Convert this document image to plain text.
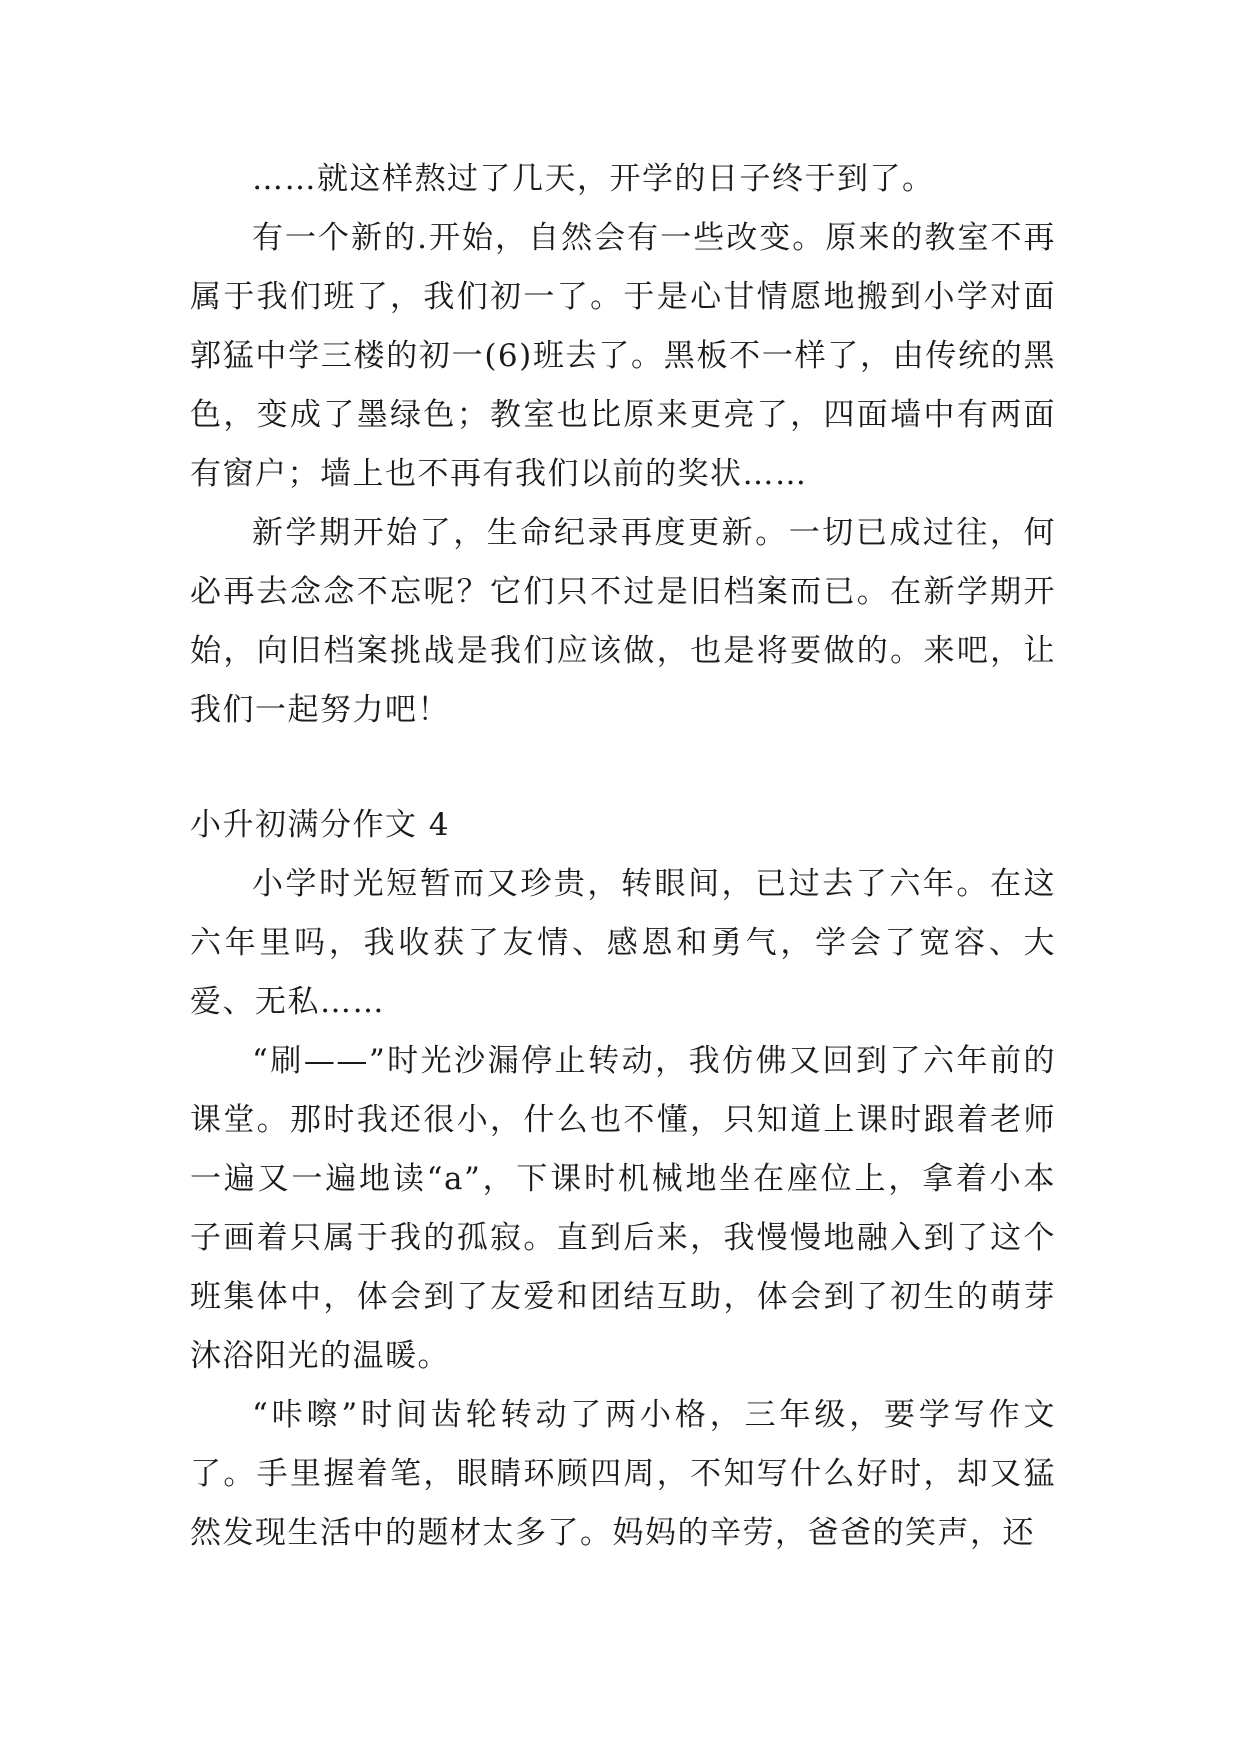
……就这样熬过了几天，开学的日子终于到了。

有一个新的.开始，自然会有一些改变。原来的教室不再属于我们班了，我们初一了。于是心甘情愿地搬到小学对面郭猛中学三楼的初一(6)班去了。黑板不一样了，由传统的黑色，变成了墨绿色；教室也比原来更亮了，四面墙中有两面有窗户；墙上也不再有我们以前的奖状……

新学期开始了，生命纪录再度更新。一切已成过往，何必再去念念不忘呢？它们只不过是旧档案而已。在新学期开始，向旧档案挑战是我们应该做，也是将要做的。来吧，让我们一起努力吧！

小升初满分作文 4

小学时光短暂而又珍贵，转眼间，已过去了六年。在这六年里吗，我收获了友情、感恩和勇气，学会了宽容、大爱、无私……

“刷——”时光沙漏停止转动，我仿佛又回到了六年前的课堂。那时我还很小，什么也不懂，只知道上课时跟着老师一遍又一遍地读“a”，下课时机械地坐在座位上，拿着小本子画着只属于我的孤寂。直到后来，我慢慢地融入到了这个班集体中，体会到了友爱和团结互助，体会到了初生的萌芽沐浴阳光的温暖。

“咔嚓”时间齿轮转动了两小格，三年级，要学写作文了。手里握着笔，眼睛环顾四周，不知写什么好时，却又猛然发现生活中的题材太多了。妈妈的辛劳，爸爸的笑声，还
